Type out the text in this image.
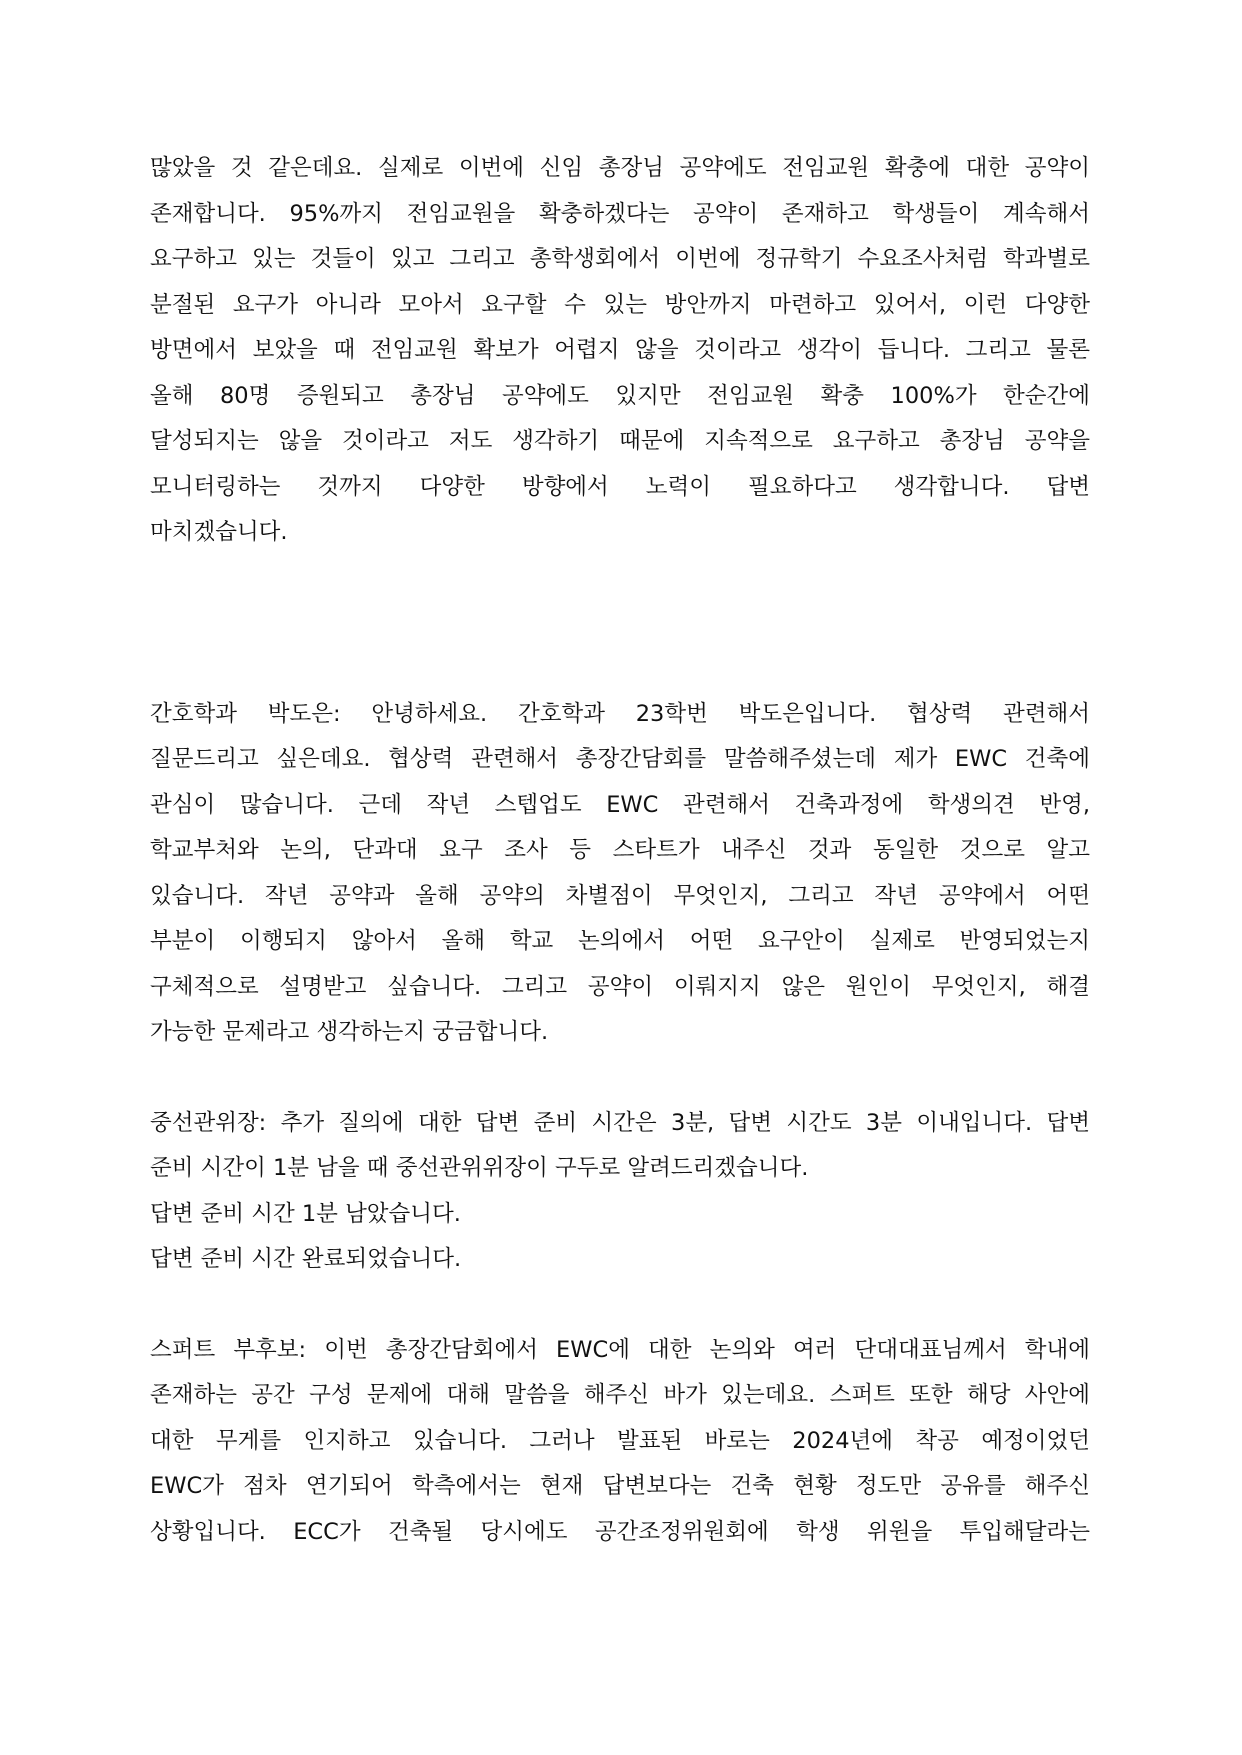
많았을 것 같은데요. 실제로 이번에 신임 총장님 공약에도 전임교원 확충에 대한 공약이
존재합니다. 95%까지 전임교원을 확충하겠다는 공약이 존재하고 학생들이 계속해서
요구하고 있는 것들이 있고 그리고 총학생회에서 이번에 정규학기 수요조사처럼 학과별로
분절된 요구가 아니라 모아서 요구할 수 있는 방안까지 마련하고 있어서, 이런 다양한
방면에서 보았을 때 전임교원 확보가 어렵지 않을 것이라고 생각이 듭니다. 그리고 물론
올해 80명 증원되고 총장님 공약에도 있지만 전임교원 확충 100%가 한순간에
달성되지는 않을 것이라고 저도 생각하기 때문에 지속적으로 요구하고 총장님 공약을
모니터링하는 것까지 다양한 방향에서 노력이 필요하다고 생각합니다. 답변
마치겠습니다.
간호학과 박도은: 안녕하세요. 간호학과 23학번 박도은입니다. 협상력 관련해서
질문드리고 싶은데요. 협상력 관련해서 총장간담회를 말씀해주셨는데 제가 EWC 건축에
관심이 많습니다. 근데 작년 스텝업도 EWC 관련해서 건축과정에 학생의견 반영,
학교부처와 논의, 단과대 요구 조사 등 스타트가 내주신 것과 동일한 것으로 알고
있습니다. 작년 공약과 올해 공약의 차별점이 무엇인지, 그리고 작년 공약에서 어떤
부분이 이행되지 않아서 올해 학교 논의에서 어떤 요구안이 실제로 반영되었는지
구체적으로 설명받고 싶습니다. 그리고 공약이 이뤄지지 않은 원인이 무엇인지, 해결
가능한 문제라고 생각하는지 궁금합니다.
중선관위장: 추가 질의에 대한 답변 준비 시간은 3분, 답변 시간도 3분 이내입니다. 답변
준비 시간이 1분 남을 때 중선관위위장이 구두로 알려드리겠습니다.
답변 준비 시간 1분 남았습니다.
답변 준비 시간 완료되었습니다.
스퍼트 부후보: 이번 총장간담회에서 EWC에 대한 논의와 여러 단대대표님께서 학내에
존재하는 공간 구성 문제에 대해 말씀을 해주신 바가 있는데요. 스퍼트 또한 해당 사안에
대한 무게를 인지하고 있습니다. 그러나 발표된 바로는 2024년에 착공 예정이었던
EWC가 점차 연기되어 학측에서는 현재 답변보다는 건축 현황 정도만 공유를 해주신
상황입니다. ECC가 건축될 당시에도 공간조정위원회에 학생 위원을 투입해달라는
